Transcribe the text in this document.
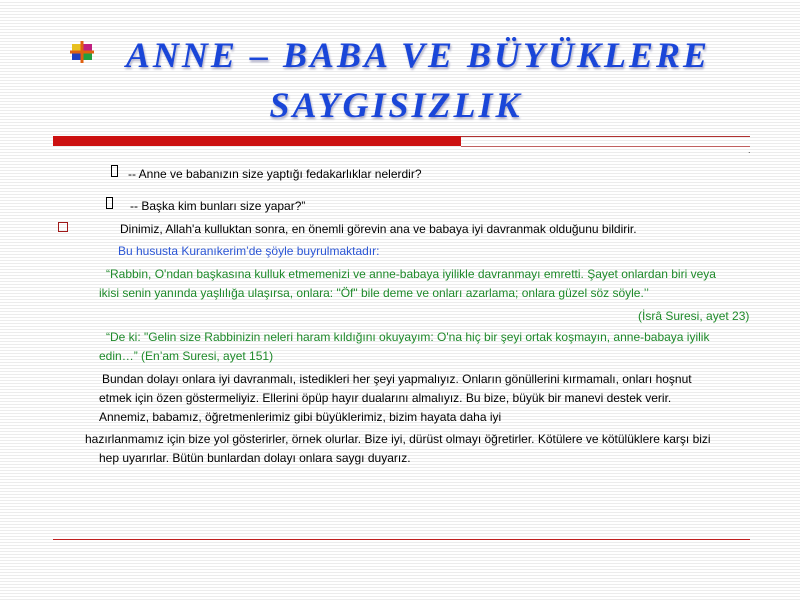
ANNE – BABA VE BÜYÜKLERE
SAYGISIZLIK
.
-- Anne ve babanızın size yaptığı fedakarlıklar nelerdir?
-- Başka kim bunları size yapar?”
Dinimiz, Allah'a kulluktan sonra, en önemli görevin ana ve babaya iyi davranmak olduğunu bildirir.
Bu hususta Kuranıkerim’de şöyle buyrulmaktadır:
“Rabbin, O'ndan başkasına kulluk etmemenizi ve anne-babaya iyilikle davranmayı emretti. Şayet onlardan biri veya
ikisi senin yanında yaşlılığa ulaşırsa, onlara: "Öf" bile deme ve onları azarlama; onlara güzel söz söyle.’’
(İsrâ Suresi, ayet 23)
“De ki: "Gelin size Rabbinizin neleri haram kıldığını okuyayım: O'na hiç bir şeyi ortak koşmayın, anne-babaya iyilik
edin…” (En’am Suresi, ayet 151)
Bundan dolayı onlara iyi davranmalı, istedikleri her şeyi yapmalıyız. Onların gönüllerini kırmamalı, onları hoşnut
etmek için özen göstermeliyiz. Ellerini öpüp hayır dualarını almalıyız. Bu bize, büyük bir manevi destek verir.
Annemiz, babamız, öğretmenlerimiz gibi büyüklerimiz, bizim hayata daha iyi
hazırlanmamız için bize yol gösterirler, örnek olurlar. Bize iyi, dürüst olmayı öğretirler. Kötülere ve kötülüklere karşı bizi
hep uyarırlar. Bütün bunlardan dolayı onlara saygı duyarız.
